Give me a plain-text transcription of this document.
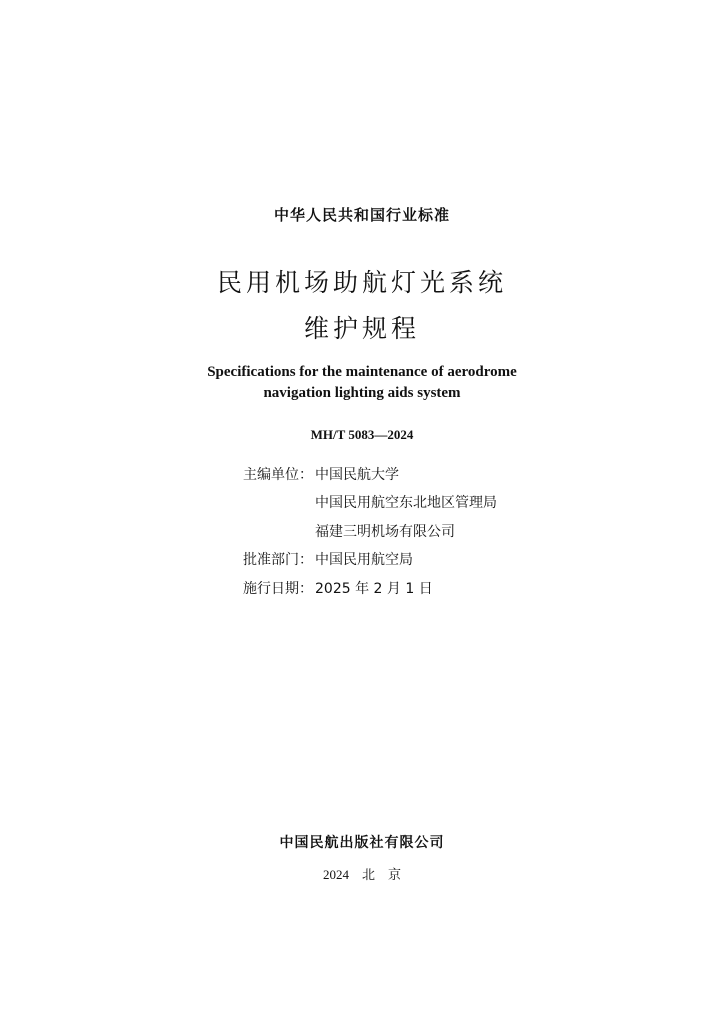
中华人民共和国行业标准
民用机场助航灯光系统
维护规程
Specifications for the maintenance of aerodrome
navigation lighting aids system
MH/T 5083—2024
主编单位： 中国民航大学
中国民用航空东北地区管理局
福建三明机场有限公司
批准部门： 中国民用航空局
施行日期： 2025 年 2 月 1 日
中国民航出版社有限公司
2024　北　京
